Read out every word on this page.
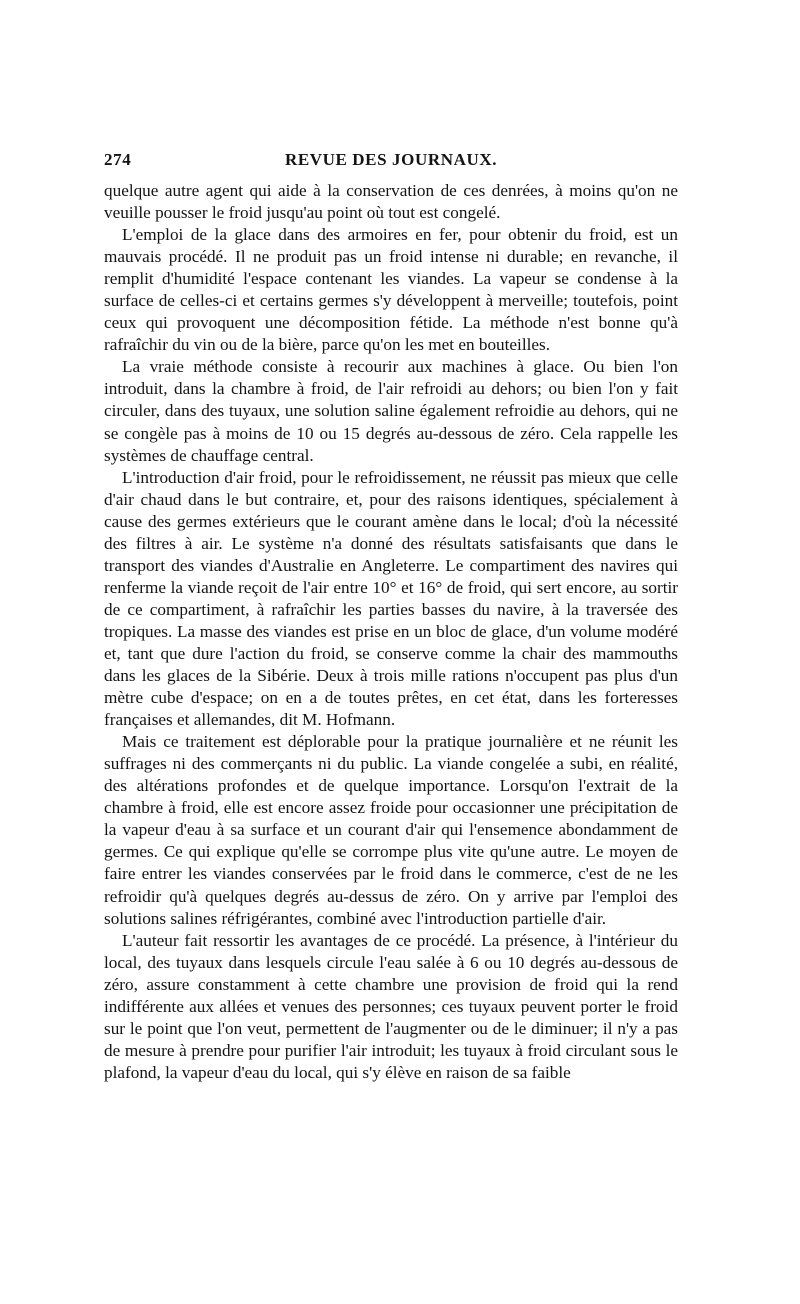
274	REVUE DES JOURNAUX.

quelque autre agent qui aide à la conservation de ces denrées, à moins qu'on ne veuille pousser le froid jusqu'au point où tout est congelé.

L'emploi de la glace dans des armoires en fer, pour obtenir du froid, est un mauvais procédé. Il ne produit pas un froid intense ni durable; en revanche, il remplit d'humidité l'espace contenant les viandes. La vapeur se condense à la surface de celles-ci et certains germes s'y développent à merveille; toutefois, point ceux qui provoquent une décomposition fétide. La méthode n'est bonne qu'à rafraîchir du vin ou de la bière, parce qu'on les met en bouteilles.

La vraie méthode consiste à recourir aux machines à glace. Ou bien l'on introduit, dans la chambre à froid, de l'air refroidi au dehors; ou bien l'on y fait circuler, dans des tuyaux, une solution saline également refroidie au dehors, qui ne se congèle pas à moins de 10 ou 15 degrés au-dessous de zéro. Cela rappelle les systèmes de chauffage central.

L'introduction d'air froid, pour le refroidissement, ne réussit pas mieux que celle d'air chaud dans le but contraire, et, pour des raisons identiques, spécialement à cause des germes extérieurs que le courant amène dans le local; d'où la nécessité des filtres à air. Le système n'a donné des résultats satisfaisants que dans le transport des viandes d'Australie en Angleterre. Le compartiment des navires qui renferme la viande reçoit de l'air entre 10° et 16° de froid, qui sert encore, au sortir de ce compartiment, à rafraîchir les parties basses du navire, à la traversée des tropiques. La masse des viandes est prise en un bloc de glace, d'un volume modéré et, tant que dure l'action du froid, se conserve comme la chair des mammouths dans les glaces de la Sibérie. Deux à trois mille rations n'occupent pas plus d'un mètre cube d'espace; on en a de toutes prêtes, en cet état, dans les forteresses françaises et allemandes, dit M. Hofmann.

Mais ce traitement est déplorable pour la pratique journalière et ne réunit les suffrages ni des commerçants ni du public. La viande congelée a subi, en réalité, des altérations profondes et de quelque importance. Lorsqu'on l'extrait de la chambre à froid, elle est encore assez froide pour occasionner une précipitation de la vapeur d'eau à sa surface et un courant d'air qui l'ensemence abondamment de germes. Ce qui explique qu'elle se corrompe plus vite qu'une autre. Le moyen de faire entrer les viandes conservées par le froid dans le commerce, c'est de ne les refroidir qu'à quelques degrés au-dessus de zéro. On y arrive par l'emploi des solutions salines réfrigérantes, combiné avec l'introduction partielle d'air.

L'auteur fait ressortir les avantages de ce procédé. La présence, à l'intérieur du local, des tuyaux dans lesquels circule l'eau salée à 6 ou 10 degrés au-dessous de zéro, assure constamment à cette chambre une provision de froid qui la rend indifférente aux allées et venues des personnes; ces tuyaux peuvent porter le froid sur le point que l'on veut, permettent de l'augmenter ou de le diminuer; il n'y a pas de mesure à prendre pour purifier l'air introduit; les tuyaux à froid circulant sous le plafond, la vapeur d'eau du local, qui s'y élève en raison de sa faible
